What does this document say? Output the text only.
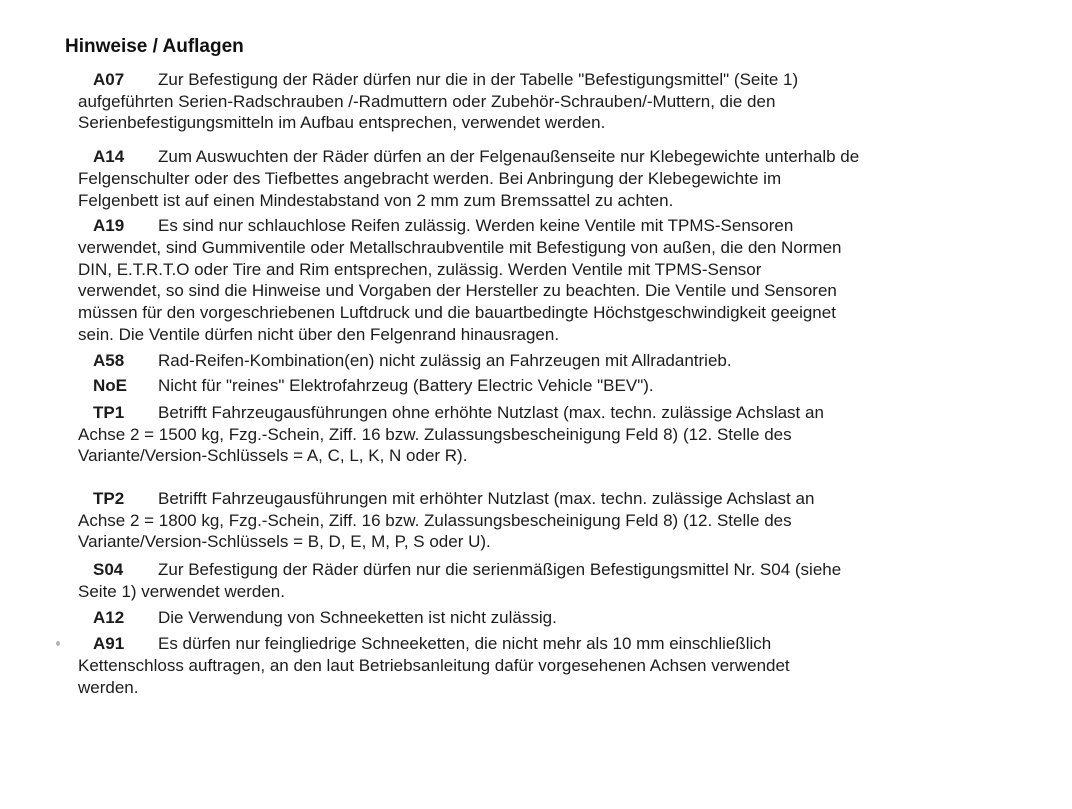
Hinweise / Auflagen
A07 Zur Befestigung der Räder dürfen nur die in der Tabelle "Befestigungsmittel" (Seite 1)
aufgeführten Serien-Radschrauben /-Radmuttern oder Zubehör-Schrauben/-Muttern, die den
Serienbefestigungsmitteln im Aufbau entsprechen, verwendet werden.
A14 Zum Auswuchten der Räder dürfen an der Felgenaußenseite nur Klebegewichte unterhalb de
Felgenschulter oder des Tiefbettes angebracht werden. Bei Anbringung der Klebegewichte im
Felgenbett ist auf einen Mindestabstand von 2 mm zum Bremssattel zu achten.
A19 Es sind nur schlauchlose Reifen zulässig. Werden keine Ventile mit TPMS-Sensoren
verwendet, sind Gummiventile oder Metallschraubventile mit Befestigung von außen, die den Normen
DIN, E.T.R.T.O oder Tire and Rim entsprechen, zulässig. Werden Ventile mit TPMS-Sensor
verwendet, so sind die Hinweise und Vorgaben der Hersteller zu beachten. Die Ventile und Sensoren
müssen für den vorgeschriebenen Luftdruck und die bauartbedingte Höchstgeschwindigkeit geeignet
sein. Die Ventile dürfen nicht über den Felgenrand hinausragen.
A58 Rad-Reifen-Kombination(en) nicht zulässig an Fahrzeugen mit Allradantrieb.
NoE Nicht für "reines" Elektrofahrzeug (Battery Electric Vehicle "BEV").
TP1 Betrifft Fahrzeugausführungen ohne erhöhte Nutzlast (max. techn. zulässige Achslast an
Achse 2 = 1500 kg, Fzg.-Schein, Ziff. 16 bzw. Zulassungsbescheinigung Feld 8) (12. Stelle des
Variante/Version-Schlüssels = A, C, L, K, N oder R).
TP2 Betrifft Fahrzeugausführungen mit erhöhter Nutzlast (max. techn. zulässige Achslast an
Achse 2 = 1800 kg, Fzg.-Schein, Ziff. 16 bzw. Zulassungsbescheinigung Feld 8) (12. Stelle des
Variante/Version-Schlüssels = B, D, E, M, P, S oder U).
S04 Zur Befestigung der Räder dürfen nur die serienmäßigen Befestigungsmittel Nr. S04 (siehe
Seite 1) verwendet werden.
A12 Die Verwendung von Schneeketten ist nicht zulässig.
A91 Es dürfen nur feingliedrige Schneeketten, die nicht mehr als 10 mm einschließlich
Kettenschloss auftragen, an den laut Betriebsanleitung dafür vorgesehenen Achsen verwendet
werden.
